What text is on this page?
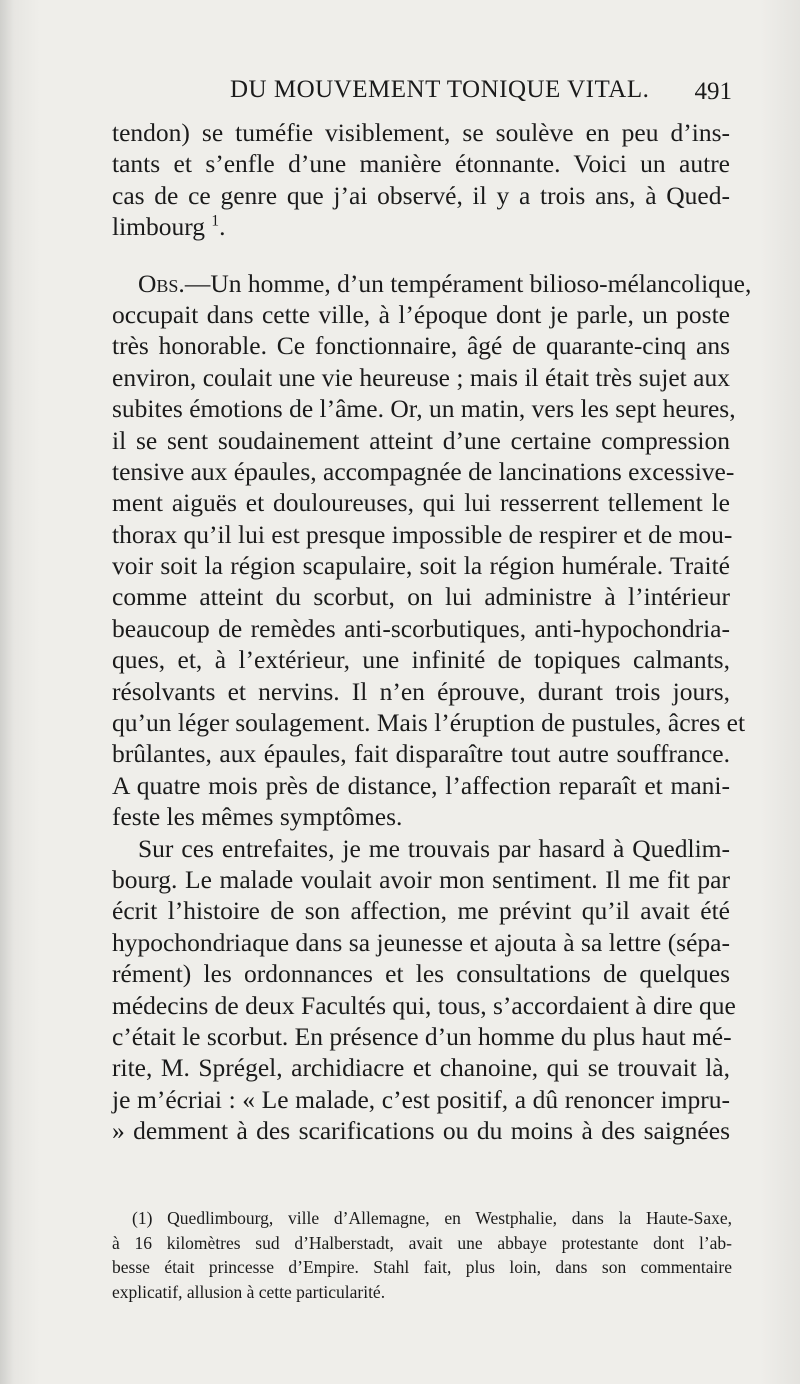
DU MOUVEMENT TONIQUE VITAL. 491
tendon) se tuméfie visiblement, se soulève en peu d’ins-
tants et s’enfle d’une manière étonnante. Voici un autre
cas de ce genre que j’ai observé, il y a trois ans, à Qued-
limbourg $^1$.
Obs.—Un homme, d’un tempérament bilioso-mélancolique,
occupait dans cette ville, à l’époque dont je parle, un poste
très honorable. Ce fonctionnaire, âgé de quarante-cinq ans
environ, coulait une vie heureuse ; mais il était très sujet aux
subites émotions de l’âme. Or, un matin, vers les sept heures,
il se sent soudainement atteint d’une certaine compression
tensive aux épaules, accompagnée de lancinations excessive-
ment aiguës et douloureuses, qui lui resserrent tellement le
thorax qu’il lui est presque impossible de respirer et de mou-
voir soit la région scapulaire, soit la région humérale. Traité
comme atteint du scorbut, on lui administre à l’intérieur
beaucoup de remèdes anti-scorbutiques, anti-hypochondria-
ques, et, à l’extérieur, une infinité de topiques calmants,
résolvants et nervins. Il n’en éprouve, durant trois jours,
qu’un léger soulagement. Mais l’éruption de pustules, âcres et
brûlantes, aux épaules, fait disparaître tout autre souffrance.
A quatre mois près de distance, l’affection reparaît et mani-
feste les mêmes symptômes.
Sur ces entrefaites, je me trouvais par hasard à Quedlim-
bourg. Le malade voulait avoir mon sentiment. Il me fit par
écrit l’histoire de son affection, me prévint qu’il avait été
hypochondriaque dans sa jeunesse et ajouta à sa lettre (sépa-
rément) les ordonnances et les consultations de quelques
médecins de deux Facultés qui, tous, s’accordaient à dire que
c’était le scorbut. En présence d’un homme du plus haut mé-
rite, M. Sprégel, archidiacre et chanoine, qui se trouvait là,
je m’écriai : « Le malade, c’est positif, a dû renoncer impru-
» demment à des scarifications ou du moins à des saignées
(1) Quedlimbourg, ville d’Allemagne, en Westphalie, dans la Haute-Saxe,
à 16 kilomètres sud d’Halberstadt, avait une abbaye protestante dont l’ab-
besse était princesse d’Empire. Stahl fait, plus loin, dans son commentaire
explicatif, allusion à cette particularité.
